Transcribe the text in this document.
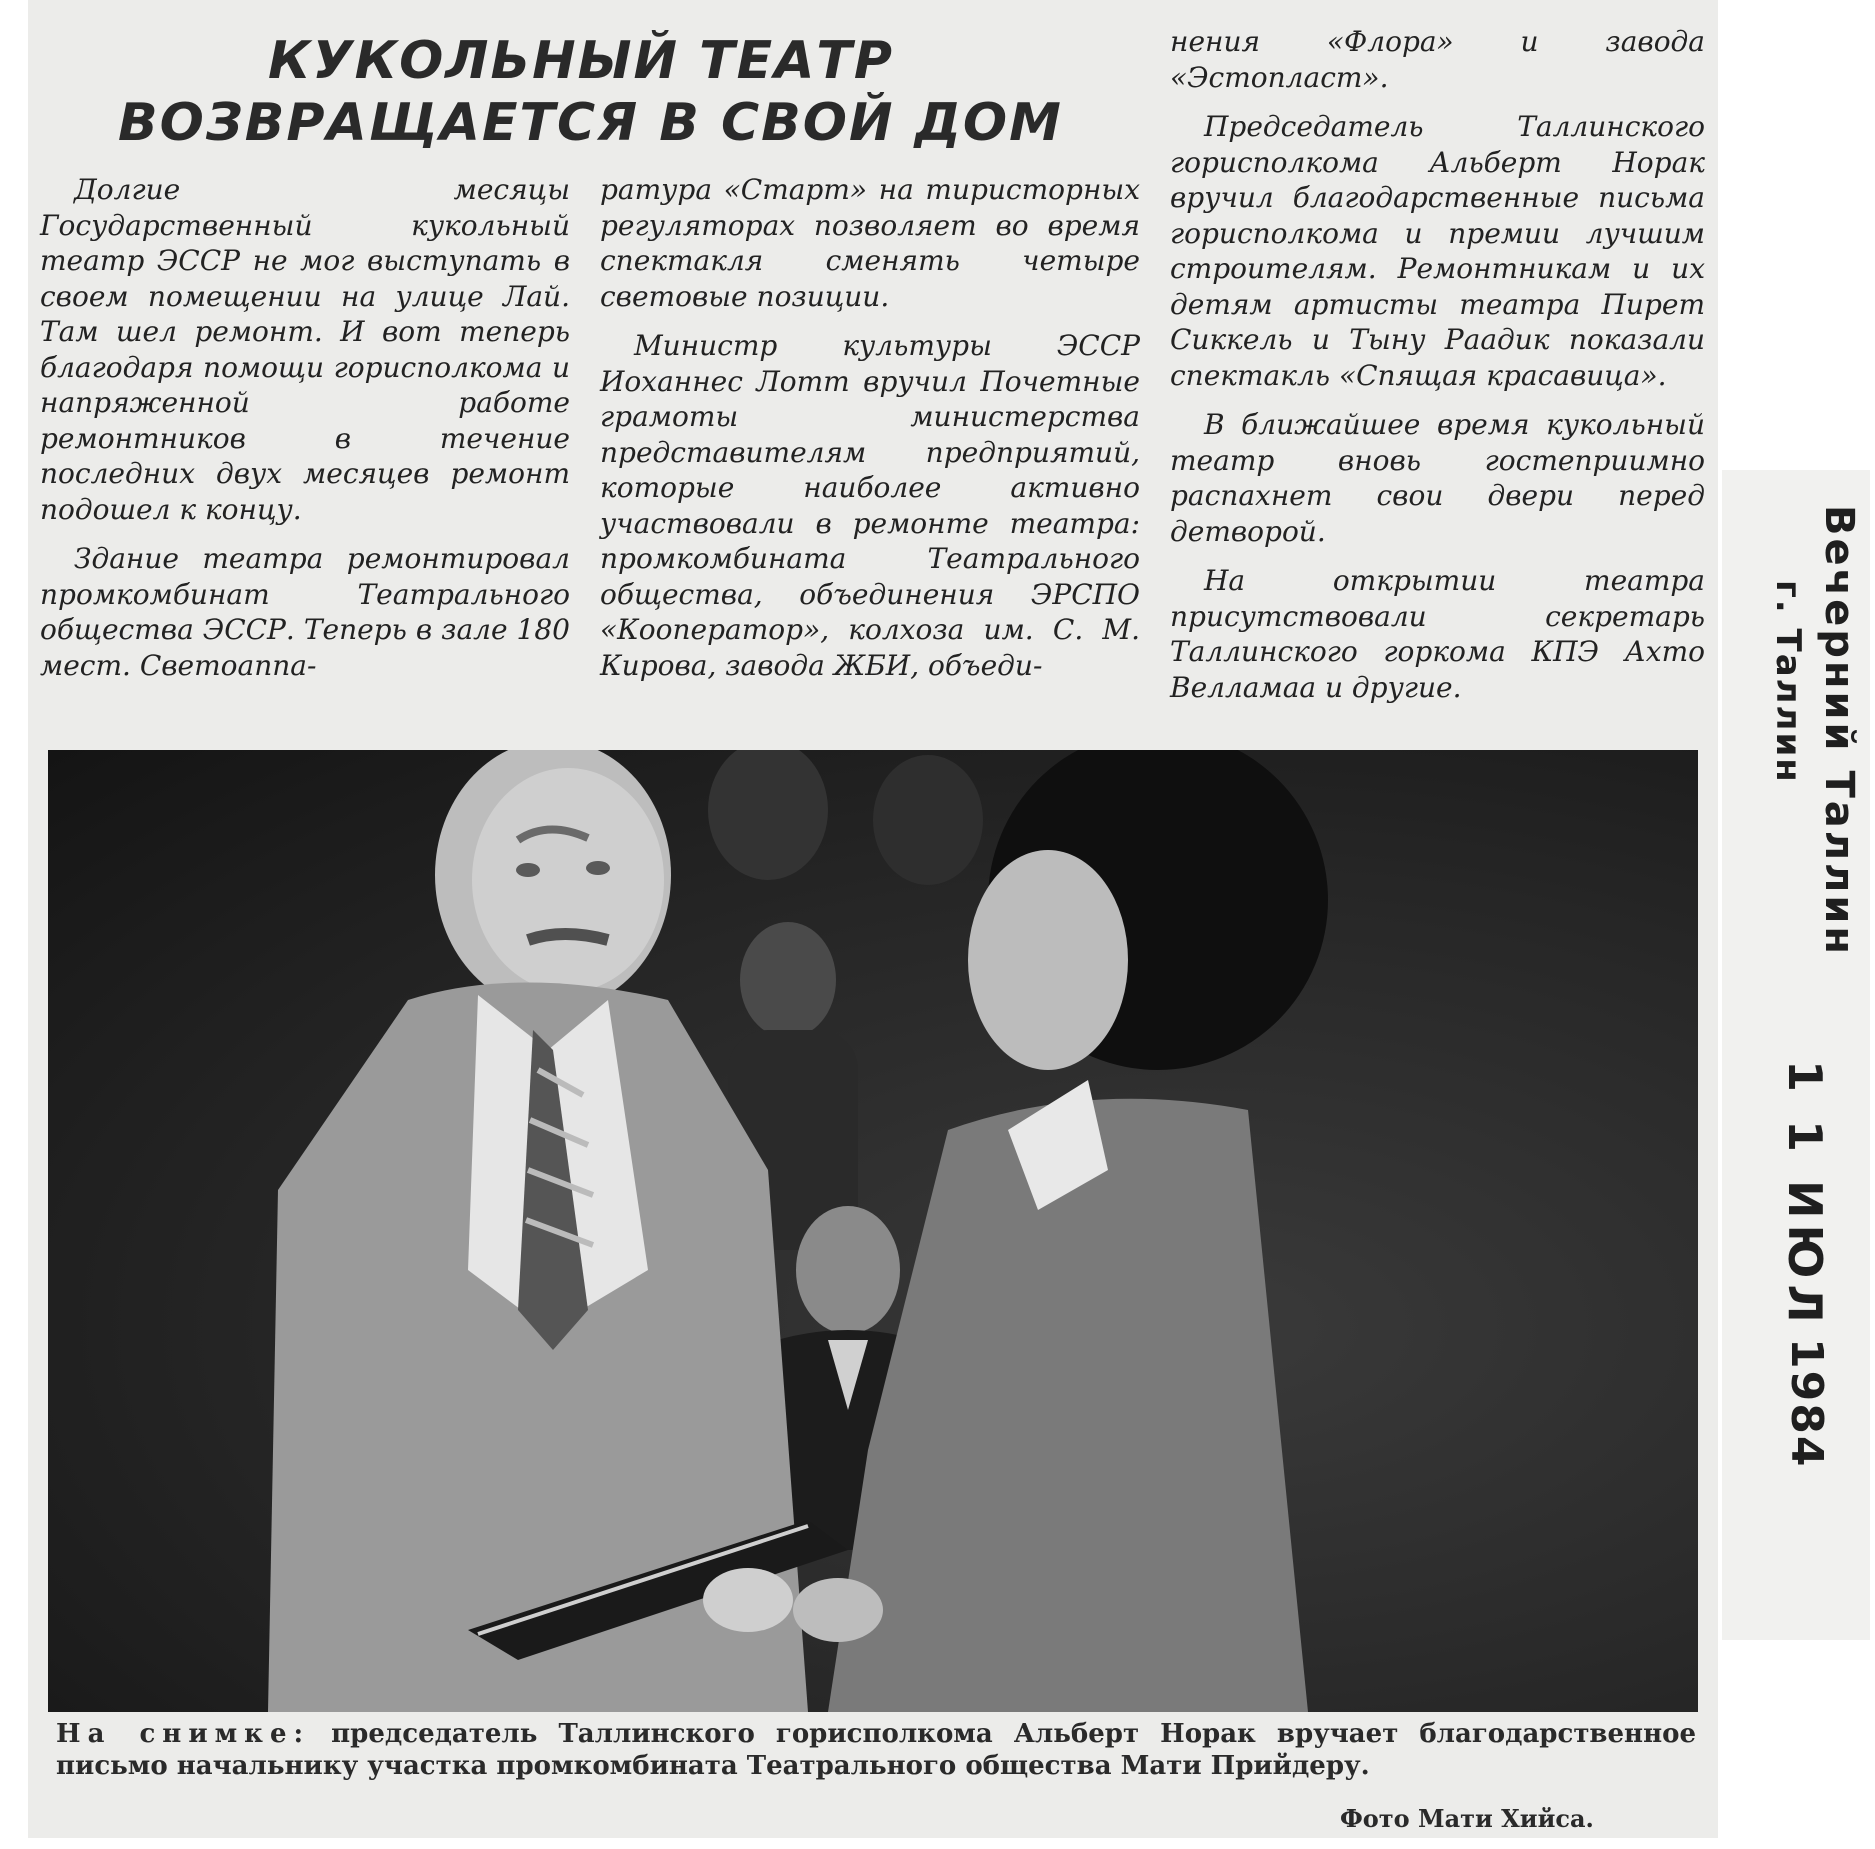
КУКОЛЬНЫЙ ТЕАТР
ВОЗВРАЩАЕТСЯ В СВОЙ ДОМ

Долгие месяцы Государственный кукольный театр ЭССР не мог выступать в своем помещении на улице Лай. Там шел ремонт. И вот теперь благодаря помощи горисполкома и напряженной работе ремонтников в течение последних двух месяцев ремонт подошел к концу.

Здание театра ремонтировал промкомбинат Театрального общества ЭССР. Теперь в зале 180 мест. Светоаппа-

ратура «Старт» на тиристорных регуляторах позволяет во время спектакля сменять четыре световые позиции.

Министр культуры ЭССР Иоханнес Лотт вручил Почетные грамоты министерства представителям предприятий, которые наиболее активно участвовали в ремонте театра: промкомбината Театрального общества, объединения ЭРСПО «Кооператор», колхоза им. С. М. Кирова, завода ЖБИ, объеди-

нения «Флора» и завода «Эстопласт».

Председатель Таллинского горисполкома Альберт Норак вручил благодарственные письма горисполкома и премии лучшим строителям. Ремонтникам и их детям артисты театра Пирет Сиккель и Тыну Раадик показали спектакль «Спящая красавица».

В ближайшее время кукольный театр вновь гостеприимно распахнет свои двери перед детворой.

На открытии театра присутствовали секретарь Таллинского горкома КПЭ Ахто Велламаа и другие.

На снимке: председатель Таллинского горисполкома Альберт Норак вручает благодарственное письмо начальнику участка промкомбината Театрального общества Мати Прийдеру.
Фото Мати Хийса.
Вечерний Таллин
г. Таллин
1 1 ИЮЛ
1984
